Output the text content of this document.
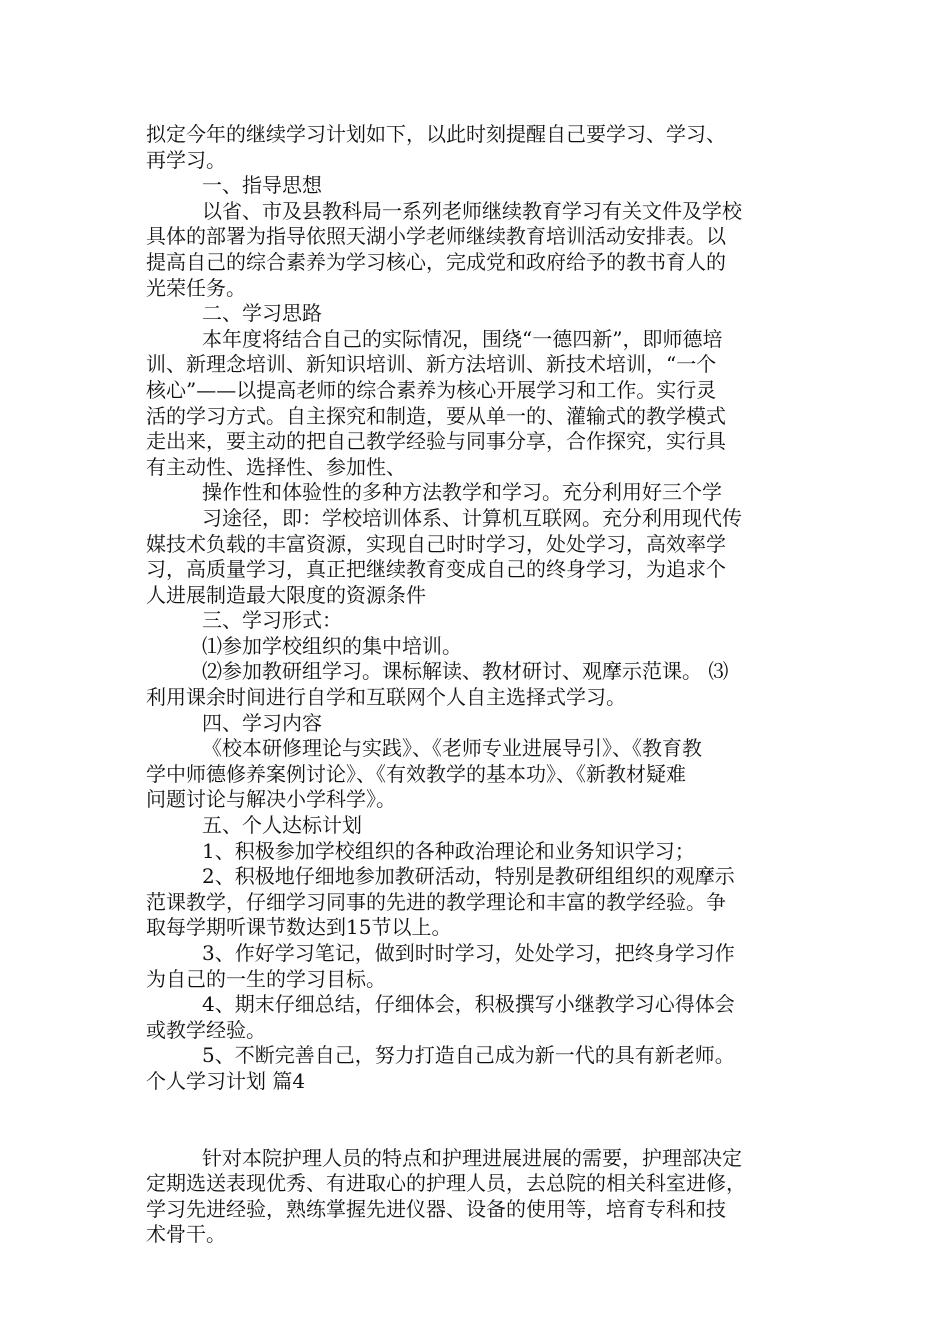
拟定今年的继续学习计划如下，以此时刻提醒自己要学习、学习、
再学习。
一、指导思想
以省、市及县教科局一系列老师继续教育学习有关文件及学校
具体的部署为指导依照天湖小学老师继续教育培训活动安排表。以
提高自己的综合素养为学习核心，完成党和政府给予的教书育人的
光荣任务。
二、学习思路
本年度将结合自己的实际情况，围绕“一德四新”，即师德培
训、新理念培训、新知识培训、新方法培训、新技术培训，“一个
核心”——以提高老师的综合素养为核心开展学习和工作。实行灵
活的学习方式。自主探究和制造，要从单一的、灌输式的教学模式
走出来，要主动的把自己教学经验与同事分享，合作探究，实行具
有主动性、选择性、参加性、
操作性和体验性的多种方法教学和学习。充分利用好三个学
习途径，即：学校培训体系、计算机互联网。充分利用现代传
媒技术负载的丰富资源，实现自己时时学习，处处学习，高效率学
习，高质量学习，真正把继续教育变成自己的终身学习，为追求个
人进展制造最大限度的资源条件
三、学习形式：
⑴参加学校组织的集中培训。
⑵参加教研组学习。课标解读、教材研讨、观摩示范课。 ⑶
利用课余时间进行自学和互联网个人自主选择式学习。
四、学习内容
《校本研修理论与实践》、《老师专业进展导引》、《教育教
学中师德修养案例讨论》、《有效教学的基本功》、《新教材疑难
问题讨论与解决小学科学》。
五、个人达标计划
1、积极参加学校组织的各种政治理论和业务知识学习；
2、积极地仔细地参加教研活动，特别是教研组组织的观摩示
范课教学，仔细学习同事的先进的教学理论和丰富的教学经验。争
取每学期听课节数达到15节以上。
3、作好学习笔记，做到时时学习，处处学习，把终身学习作
为自己的一生的学习目标。
4、期末仔细总结，仔细体会，积极撰写小继教学习心得体会
或教学经验。
5、不断完善自己，努力打造自己成为新一代的具有新老师。
个人学习计划 篇4
针对本院护理人员的特点和护理进展进展的需要，护理部决定
定期选送表现优秀、有进取心的护理人员，去总院的相关科室进修，
学习先进经验，熟练掌握先进仪器、设备的使用等，培育专科和技
术骨干。
